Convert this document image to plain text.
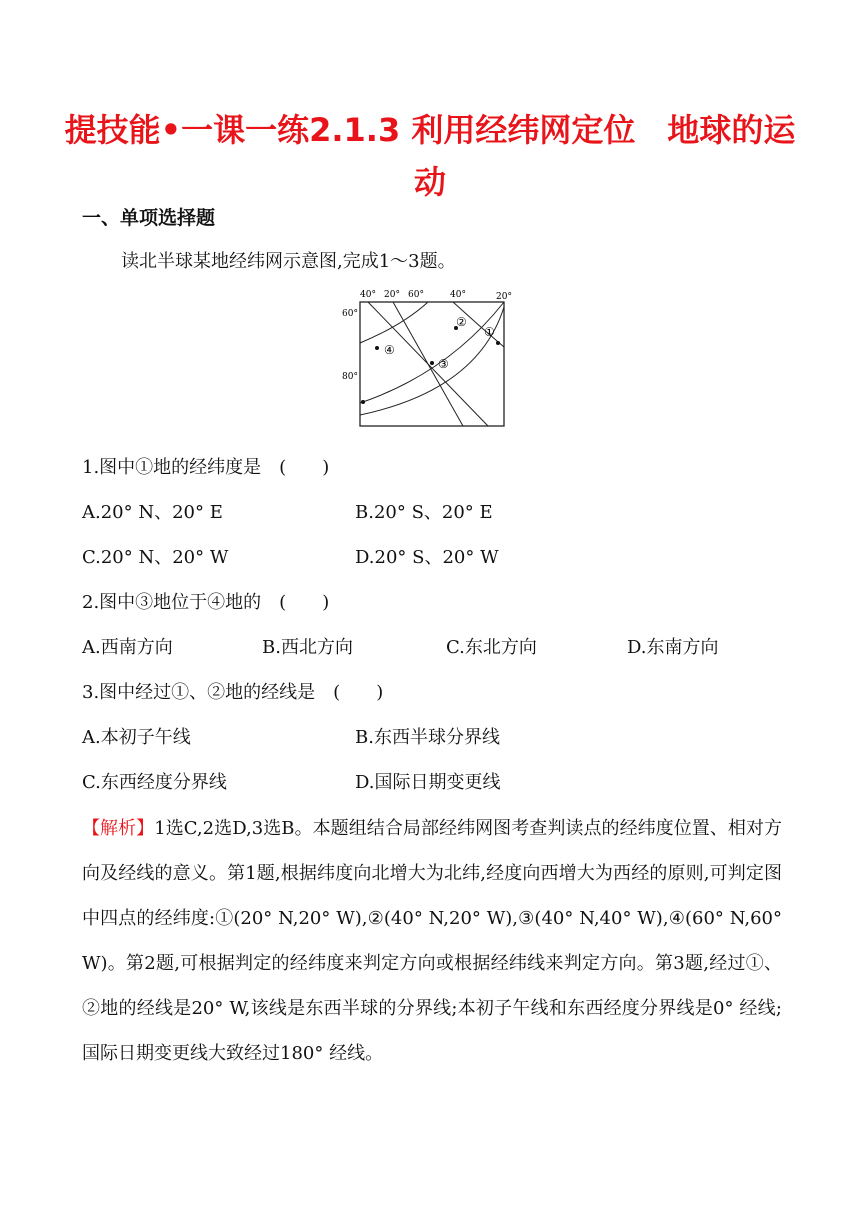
提技能•一课一练2.1.3 利用经纬网定位　地球的运动
一、单项选择题
读北半球某地经纬网示意图,完成1～3题。
40° 20° 60°	40°	20°
60°
80°
①
②
③
④
1.图中①地的经纬度是　(　　)
A.20° N、20° E	B.20° S、20° E
C.20° N、20° W	D.20° S、20° W
2.图中③地位于④地的　(　　)
A.西南方向	B.西北方向	C.东北方向	D.东南方向
3.图中经过①、②地的经线是　(　　)
A.本初子午线	B.东西半球分界线
C.东西经度分界线	D.国际日期变更线
【解析】1选C,2选D,3选B。本题组结合局部经纬网图考查判读点的经纬度位置、相对方向及经线的意义。第1题,根据纬度向北增大为北纬,经度向西增大为西经的原则,可判定图中四点的经纬度:①(20° N,20° W),②(40° N,20° W),③(40° N,40° W),④(60° N,60° W)。第2题,可根据判定的经纬度来判定方向或根据经纬线来判定方向。第3题,经过①、②地的经线是20° W,该线是东西半球的分界线;本初子午线和东西经度分界线是0° 经线;国际日期变更线大致经过180° 经线。
